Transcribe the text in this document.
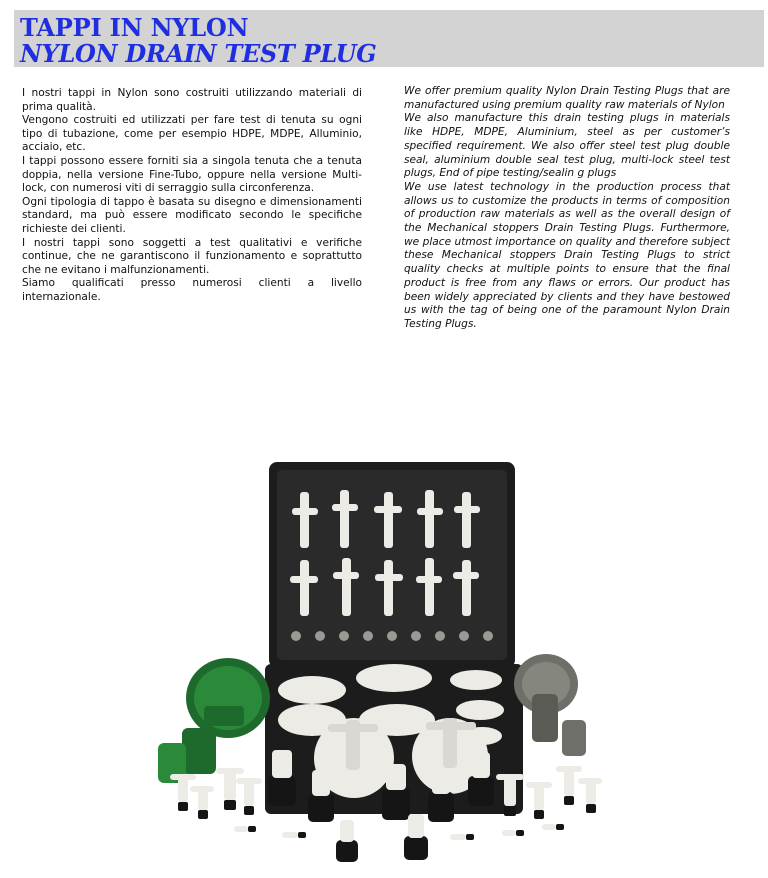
TAPPI IN NYLON
NYLON DRAIN TEST PLUG

I nostri tappi in Nylon sono costruiti utilizzando materiali di prima qualità.

Vengono costruiti ed utilizzati per fare test di tenuta su ogni tipo di tubazione, come per esempio HDPE, MDPE, Alluminio, acciaio, etc.

I tappi possono essere forniti sia a singola tenuta che a tenuta doppia, nella versione Fine-Tubo, oppure nella versione Multi-lock, con numerosi viti di serraggio sulla circonferenza.

Ogni tipologia di tappo è basata su disegno e dimensionamenti standard, ma può essere modificato secondo le specifiche richieste dei clienti.

I nostri tappi sono soggetti a test qualitativi e verifiche continue, che ne garantiscono il funzionamento e soprattutto che ne evitano i malfunzionamenti.

Siamo qualificati presso numerosi clienti a livello internazionale.

We offer premium quality Nylon Drain Testing Plugs that are manufactured using premium quality raw materials of Nylon

We also manufacture this drain testing plugs in materials like HDPE, MDPE, Aluminium, steel as per customer’s specified requirement. We also offer steel test plug double seal, aluminium double seal test plug, multi-lock steel test plugs, End of pipe testing/sealin g plugs

We use latest technology in the production process that allows us to customize the products in terms of composition of production raw materials as well as the overall design of the Mechanical stoppers Drain Testing Plugs. Furthermore, we place utmost importance on quality and therefore subject these Mechanical stoppers Drain Testing Plugs to strict quality checks at multiple points to ensure that the final product is free from any flaws or errors. Our product has been widely appreciated by clients and they have bestowed us with the tag of being one of the paramount Nylon Drain Testing Plugs.
